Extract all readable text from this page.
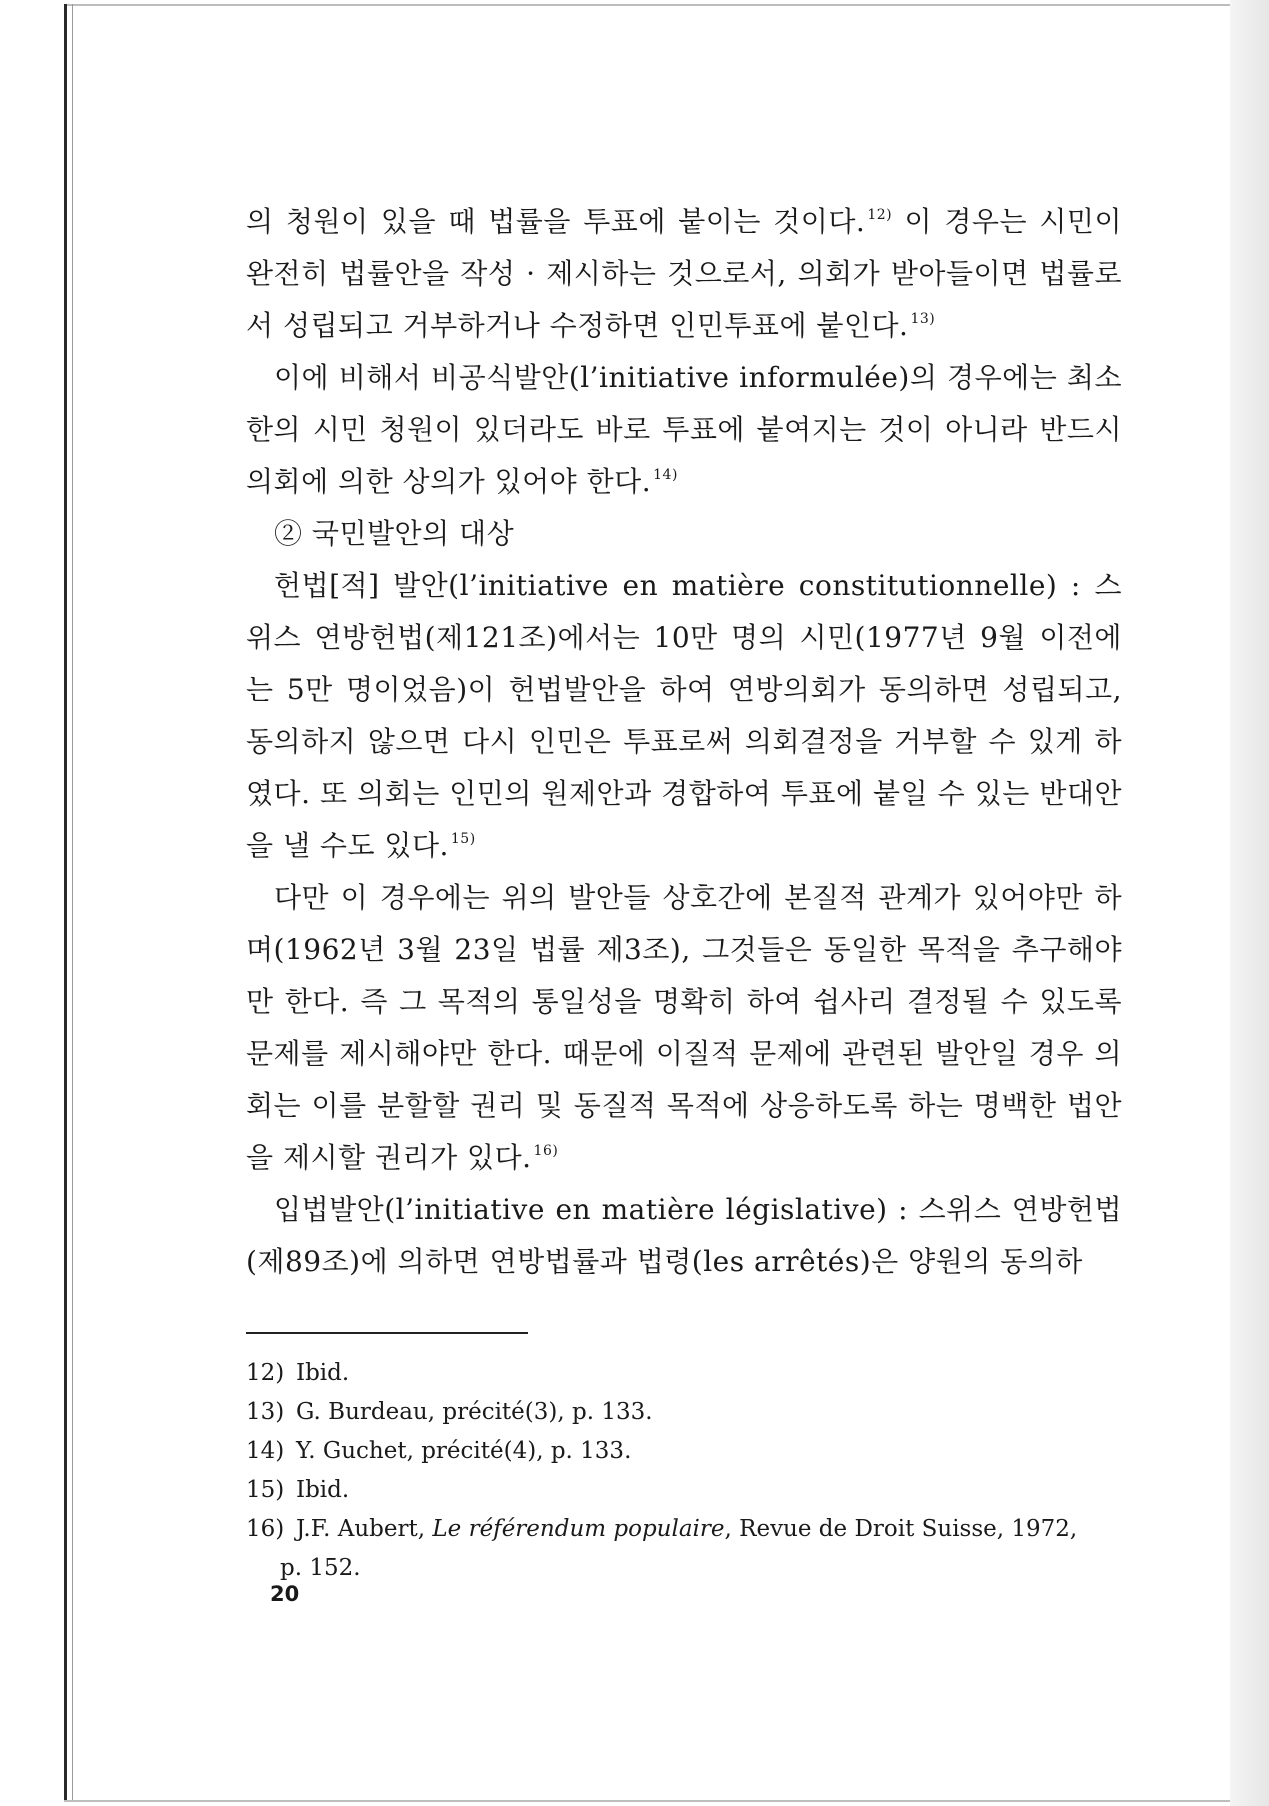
의 청원이 있을 때 법률을 투표에 붙이는 것이다. $^{12)}$ 이 경우는 시민이 완전히 법률안을 작성 · 제시하는 것으로서, 의회가 받아들이면 법률로서 성립되고 거부하거나 수정하면 인민투표에 붙인다. $^{13)}$

이에 비해서 비공식발안(l’initiative informulée)의 경우에는 최소한의 시민 청원이 있더라도 바로 투표에 붙여지는 것이 아니라 반드시 의회에 의한 상의가 있어야 한다. $^{14)}$

② 국민발안의 대상

헌법[적] 발안(l’initiative en matière constitutionnelle) : 스위스 연방헌법(제121조)에서는 10만 명의 시민(1977년 9월 이전에는 5만 명이었음)이 헌법발안을 하여 연방의회가 동의하면 성립되고, 동의하지 않으면 다시 인민은 투표로써 의회결정을 거부할 수 있게 하였다. 또 의회는 인민의 원제안과 경합하여 투표에 붙일 수 있는 반대안을 낼 수도 있다. $^{15)}$

다만 이 경우에는 위의 발안들 상호간에 본질적 관계가 있어야만 하며(1962년 3월 23일 법률 제3조), 그것들은 동일한 목적을 추구해야만 한다. 즉 그 목적의 통일성을 명확히 하여 쉽사리 결정될 수 있도록 문제를 제시해야만 한다. 때문에 이질적 문제에 관련된 발안일 경우 의회는 이를 분할할 권리 및 동질적 목적에 상응하도록 하는 명백한 법안을 제시할 권리가 있다. $^{16)}$

입법발안(l’initiative en matière législative) : 스위스 연방헌법(제89조)에 의하면 연방법률과 법령(les arrêtés)은 양원의 동의하

12) Ibid.
13) G. Burdeau, précité(3), p. 133.
14) Y. Guchet, précité(4), p. 133.
15) Ibid.
16) J.F. Aubert, Le référendum populaire, Revue de Droit Suisse, 1972,
p. 152.
20
